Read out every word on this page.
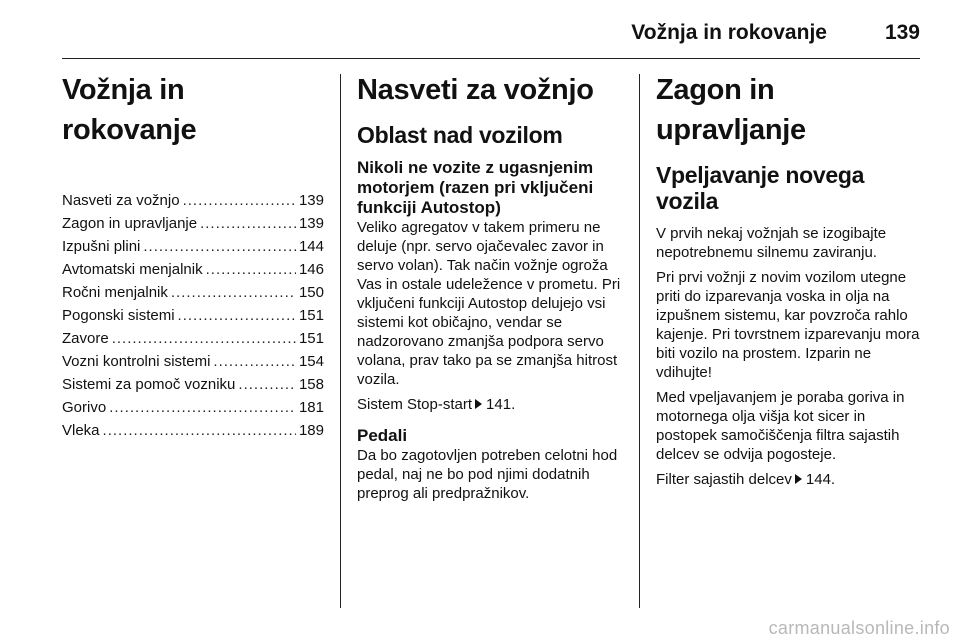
Vožnja in rokovanje	139
Vožnja in rokovanje
Nasveti za vožnjo .....	139
Zagon in upravljanje .....	139
Izpušni plini .....	144
Avtomatski menjalnik .....	146
Ročni menjalnik .....	150
Pogonski sistemi .....	151
Zavore .....	151
Vozni kontrolni sistemi .....	154
Sistemi za pomoč vozniku .....	158
Gorivo .....	181
Vleka .....	189
Nasveti za vožnjo
Oblast nad vozilom
Nikoli ne vozite z ugasnjenim motorjem (razen pri vključeni funkciji Autostop)

Veliko agregatov v takem primeru ne deluje (npr. servo ojačevalec zavor in servo volan). Tak način vožnje ogroža Vas in ostale udeležence v prometu. Pri vključeni funkciji Autostop delujejo vsi sistemi kot običajno, vendar se nadzorovano zmanjša podpora servo volana, prav tako pa se zmanjša hitrost vozila.

Sistem Stop-start 141.

Pedali

Da bo zagotovljen potreben celotni hod pedal, naj ne bo pod njimi dodatnih preprog ali predpražnikov.

Zagon in upravljanje
Vpeljavanje novega vozila

V prvih nekaj vožnjah se izogibajte nepotrebnemu silnemu zaviranju.

Pri prvi vožnji z novim vozilom utegne priti do izparevanja voska in olja na izpušnem sistemu, kar povzroča rahlo kajenje. Pri tovrstnem izparevanju mora biti vozilo na prostem. Izparin ne vdihujte!

Med vpeljavanjem je poraba goriva in motornega olja višja kot sicer in postopek samočiščenja filtra sajastih delcev se odvija pogosteje.

Filter sajastih delcev 144.

carmanualsonline.info
